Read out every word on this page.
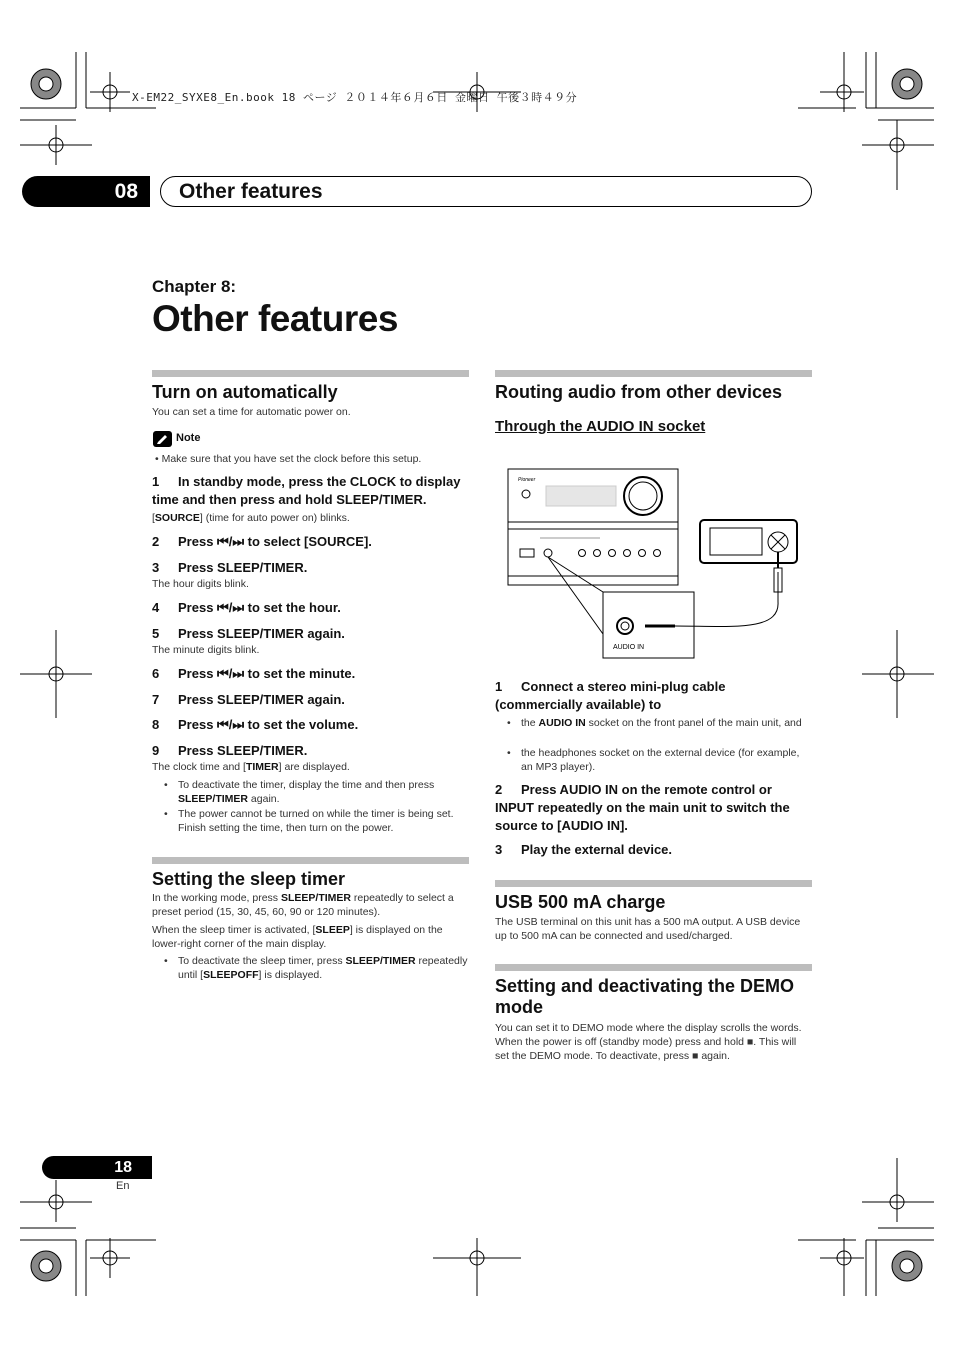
X-EM22_SYXE8_En.book 18 ページ ２０１４年６月６日 金曜日 午後３時４９分
08	Other features
Chapter 8:
Other features
Turn on automatically
You can set a time for automatic power on.
Note
• Make sure that you have set the clock before this setup.
1 In standby mode, press the CLOCK to display time and then press and hold SLEEP/TIMER.
[SOURCE] (time for auto power on) blinks.
2 Press ⏮/⏭ to select [SOURCE].
3 Press SLEEP/TIMER.
The hour digits blink.
4 Press ⏮/⏭ to set the hour.
5 Press SLEEP/TIMER again.
The minute digits blink.
6 Press ⏮/⏭ to set the minute.
7 Press SLEEP/TIMER again.
8 Press ⏮/⏭ to set the volume.
9 Press SLEEP/TIMER.
The clock time and [TIMER] are displayed.
• To deactivate the timer, display the time and then press SLEEP/TIMER again.
• The power cannot be turned on while the timer is being set. Finish setting the time, then turn on the power.
Setting the sleep timer
In the working mode, press SLEEP/TIMER repeatedly to select a preset period (15, 30, 45, 60, 90 or 120 minutes).
When the sleep timer is activated, [SLEEP] is displayed on the lower-right corner of the main display.
• To deactivate the sleep timer, press SLEEP/TIMER repeatedly until [SLEEPOFF] is displayed.
Routing audio from other devices
Through the AUDIO IN socket
Pioneer
AUDIO IN
1 Connect a stereo mini-plug cable (commercially available) to
• the AUDIO IN socket on the front panel of the main unit, and
• the headphones socket on the external device (for example, an MP3 player).
2 Press AUDIO IN on the remote control or INPUT repeatedly on the main unit to switch the source to [AUDIO IN].
3 Play the external device.
USB 500 mA charge
The USB terminal on this unit has a 500 mA output. A USB device up to 500 mA can be connected and used/charged.
Setting and deactivating the DEMO mode
You can set it to DEMO mode where the display scrolls the words. When the power is off (standby mode) press and hold ■. This will set the DEMO mode. To deactivate, press ■ again.
18
En
